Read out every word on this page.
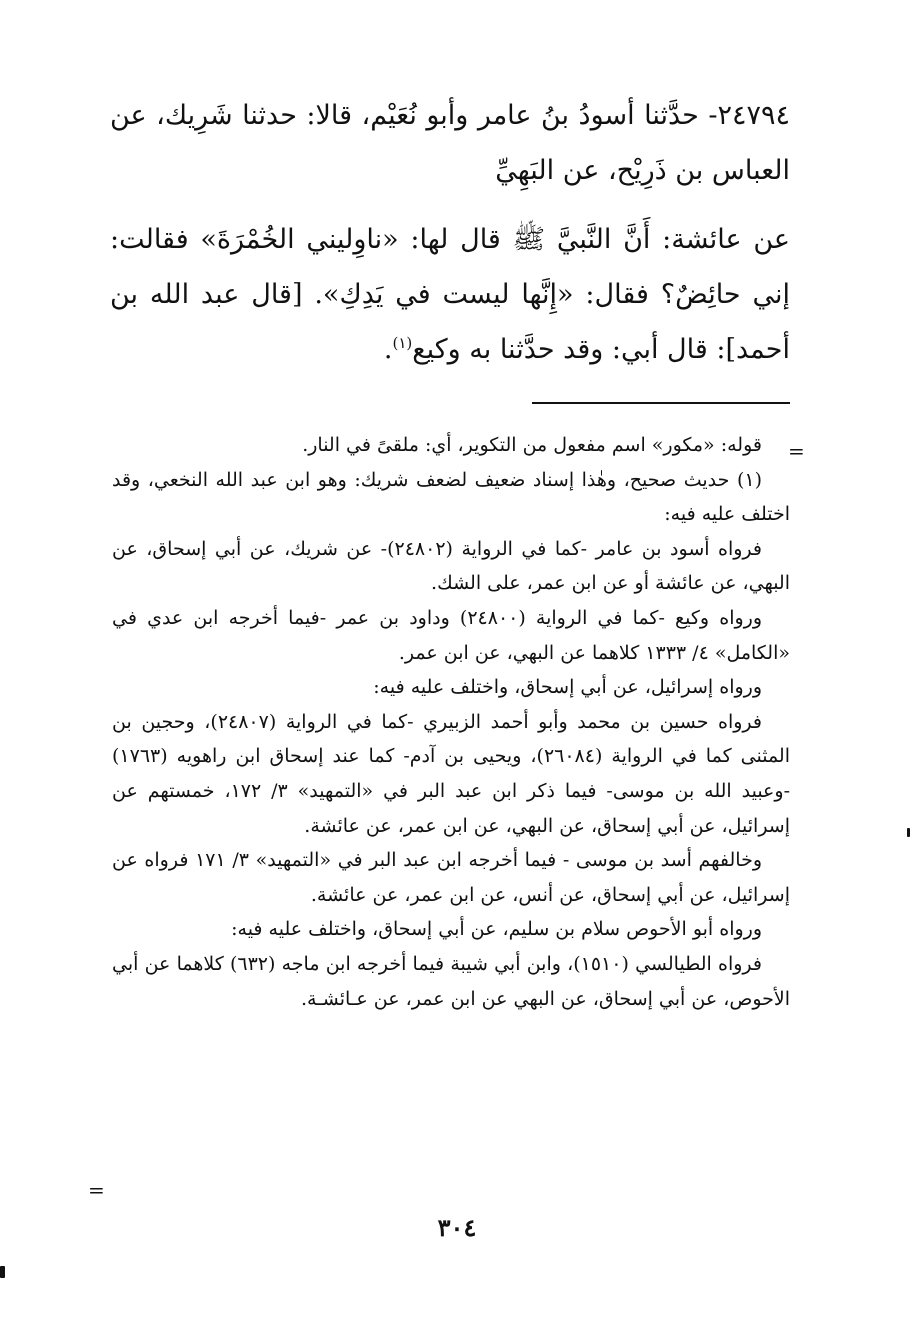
٢٤٧٩٤- حدَّثنا أسودُ بنُ عامر وأبو نُعَيْم، قالا: حدثنا شَرِيك، عن العباس بن ذَرِيْح، عن البَهِيِّ

عن عائشة: أَنَّ النَّبيَّ ﷺ قال لها: «ناوِليني الخُمْرَةَ» فقالت: إني حائِضٌ؟ فقال: «إِنَّها ليست في يَدِكِ». [قال عبد الله بن أحمد]: قال أبي: وقد حدَّثنا به وكيع$^{(١)}$.

=

قوله: «مكور» اسم مفعول من التكوير، أي: ملقىً في النار.

(١) حديث صحيح، وهٰذا إسناد ضعيف لضعف شريك: وهو ابن عبد الله النخعي، وقد اختلف عليه فيه:

فرواه أسود بن عامر -كما في الرواية (٢٤٨٠٢)- عن شريك، عن أبي إسحاق، عن البهي، عن عائشة أو عن ابن عمر، على الشك.

ورواه وكيع -كما في الرواية (٢٤٨٠٠) وداود بن عمر -فيما أخرجه ابن عدي في «الكامل» ٤/ ١٣٣٣ كلاهما عن البهي، عن ابن عمر.

ورواه إسرائيل، عن أبي إسحاق، واختلف عليه فيه:

فرواه حسين بن محمد وأبو أحمد الزبيري -كما في الرواية (٢٤٨٠٧)، وحجين بن المثنى كما في الرواية (٢٦٠٨٤)، ويحيى بن آدم- كما عند إسحاق ابن راهويه (١٧٦٣) -وعبيد الله بن موسى- فيما ذكر ابن عبد البر في «التمهيد» ٣/ ١٧٢، خمستهم عن إسرائيل، عن أبي إسحاق، عن البهي، عن ابن عمر، عن عائشة.

وخالفهم أسد بن موسى - فيما أخرجه ابن عبد البر في «التمهيد» ٣/ ١٧١ فرواه عن إسرائيل، عن أبي إسحاق، عن أنس، عن ابن عمر، عن عائشة.

ورواه أبو الأحوص سلام بن سليم، عن أبي إسحاق، واختلف عليه فيه:

فرواه الطيالسي (١٥١٠)، وابن أبي شيبة فيما أخرجه ابن ماجه (٦٣٢) كلاهما عن أبي الأحوص، عن أبي إسحاق، عن البهي عن ابن عمر، عن عـائشـة.

=
٣٠٤
